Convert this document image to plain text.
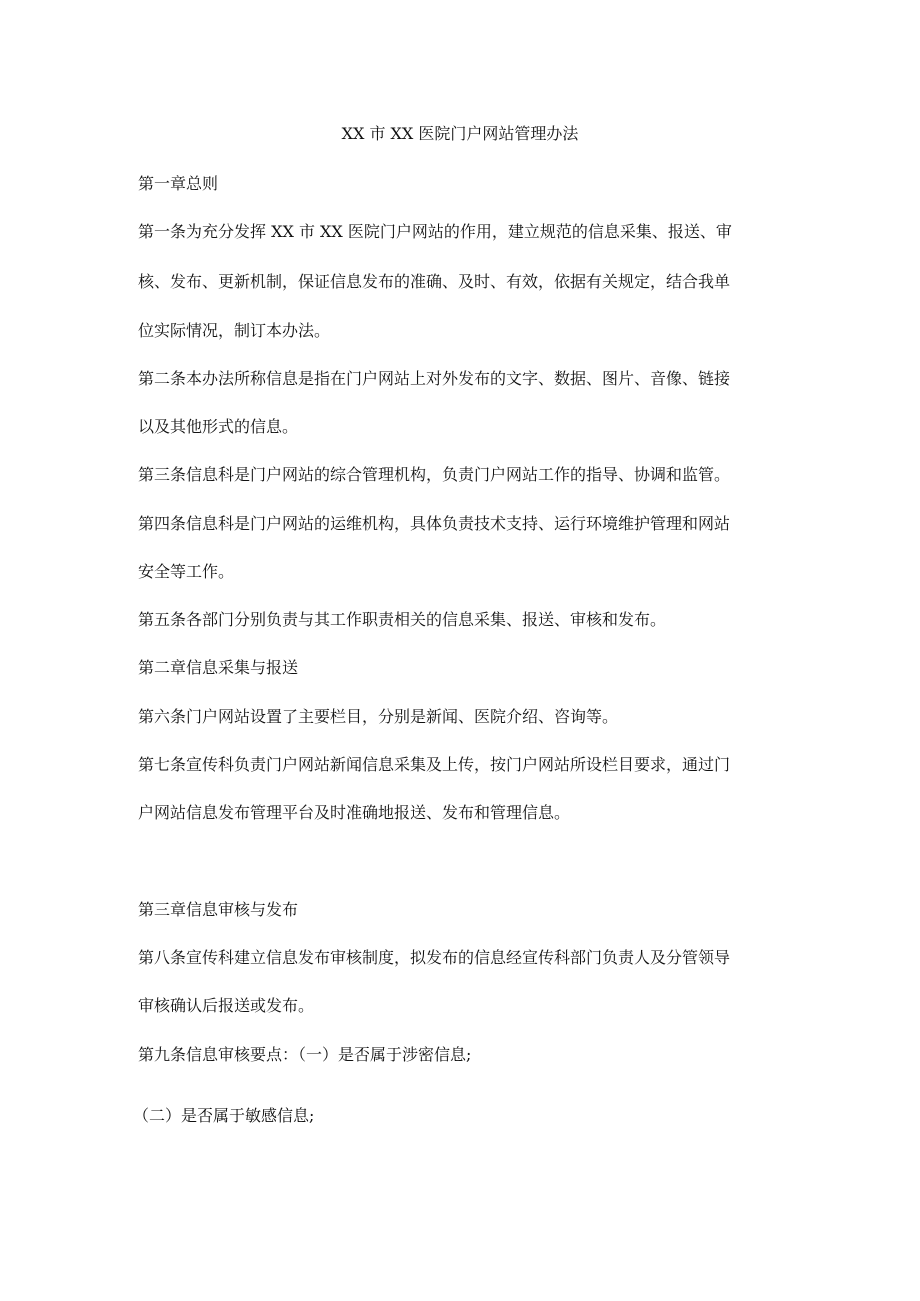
XX 市 XX 医院门户网站管理办法
第一章总则
第一条为充分发挥 XX 市 XX 医院门户网站的作用，建立规范的信息采集、报送、审
核、发布、更新机制，保证信息发布的准确、及时、有效，依据有关规定，结合我单
位实际情况，制订本办法。
第二条本办法所称信息是指在门户网站上对外发布的文字、数据、图片、音像、链接
以及其他形式的信息。
第三条信息科是门户网站的综合管理机构，负责门户网站工作的指导、协调和监管。
第四条信息科是门户网站的运维机构，具体负责技术支持、运行环境维护管理和网站
安全等工作。
第五条各部门分别负责与其工作职责相关的信息采集、报送、审核和发布。
第二章信息采集与报送
第六条门户网站设置了主要栏目，分别是新闻、医院介绍、咨询等。
第七条宣传科负责门户网站新闻信息采集及上传，按门户网站所设栏目要求，通过门
户网站信息发布管理平台及时准确地报送、发布和管理信息。
第三章信息审核与发布
第八条宣传科建立信息发布审核制度，拟发布的信息经宣传科部门负责人及分管领导
审核确认后报送或发布。
第九条信息审核要点：（一）是否属于涉密信息;
（二）是否属于敏感信息;
